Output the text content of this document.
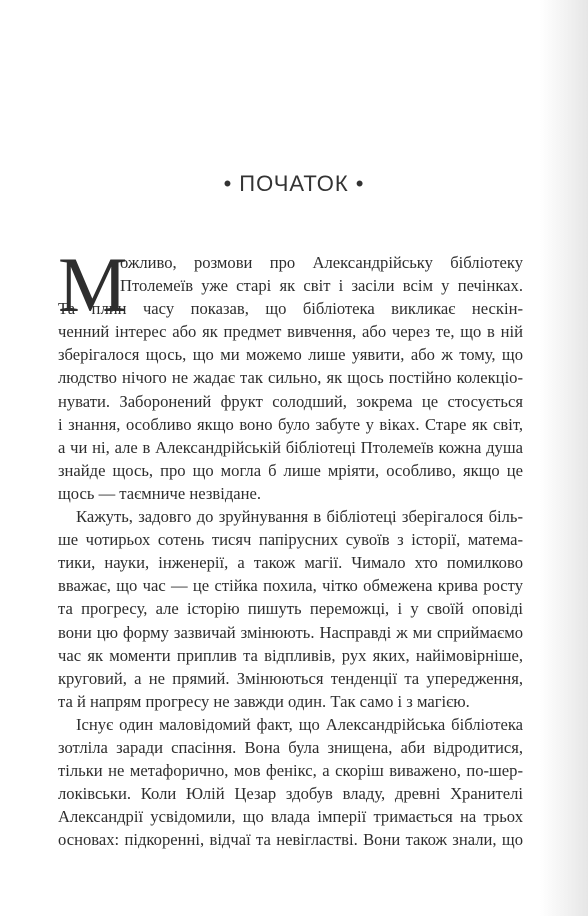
• ПОЧАТОК •
М
ожливо, розмови про Александрійську бібліотеку
Птолемеїв уже старі як світ і засіли всім у печінках.
Та плин часу показав, що бібліотека викликає нескін-
ченний інтерес або як предмет вивчення, або через те, що в ній
зберігалося щось, що ми можемо лише уявити, або ж тому, що
людство нічого не жадає так сильно, як щось постійно колекціо-
нувати. Заборонений фрукт солодший, зокрема це стосується
і знання, особливо якщо воно було забуте у віках. Старе як світ,
а чи ні, але в Александрійській бібліотеці Птолемеїв кожна душа
знайде щось, про що могла б лише мріяти, особливо, якщо це
щось — таємниче незвідане.
Кажуть, задовго до зруйнування в бібліотеці зберігалося біль-
ше чотирьох сотень тисяч папірусних сувоїв з історії, матема-
тики, науки, інженерії, а також магії. Чимало хто помилково
вважає, що час — це стійка похила, чітко обмежена крива росту
та прогресу, але історію пишуть переможці, і у своїй оповіді
вони цю форму зазвичай змінюють. Насправді ж ми сприймаємо
час як моменти приплив та відпливів, рух яких, найімовірніше,
круговий, а не прямий. Змінюються тенденції та упередження,
та й напрям прогресу не завжди один. Так само і з магією.
Існує один маловідомий факт, що Александрійська бібліотека
зотліла заради спасіння. Вона була знищена, аби відродитися,
тільки не метафорично, мов фенікс, а скоріш виважено, по-шер-
локівськи. Коли Юлій Цезар здобув владу, древні Хранителі
Александрії усвідомили, що влада імперії тримається на трьох
основах: підкоренні, відчаї та невігластві. Вони також знали, що
